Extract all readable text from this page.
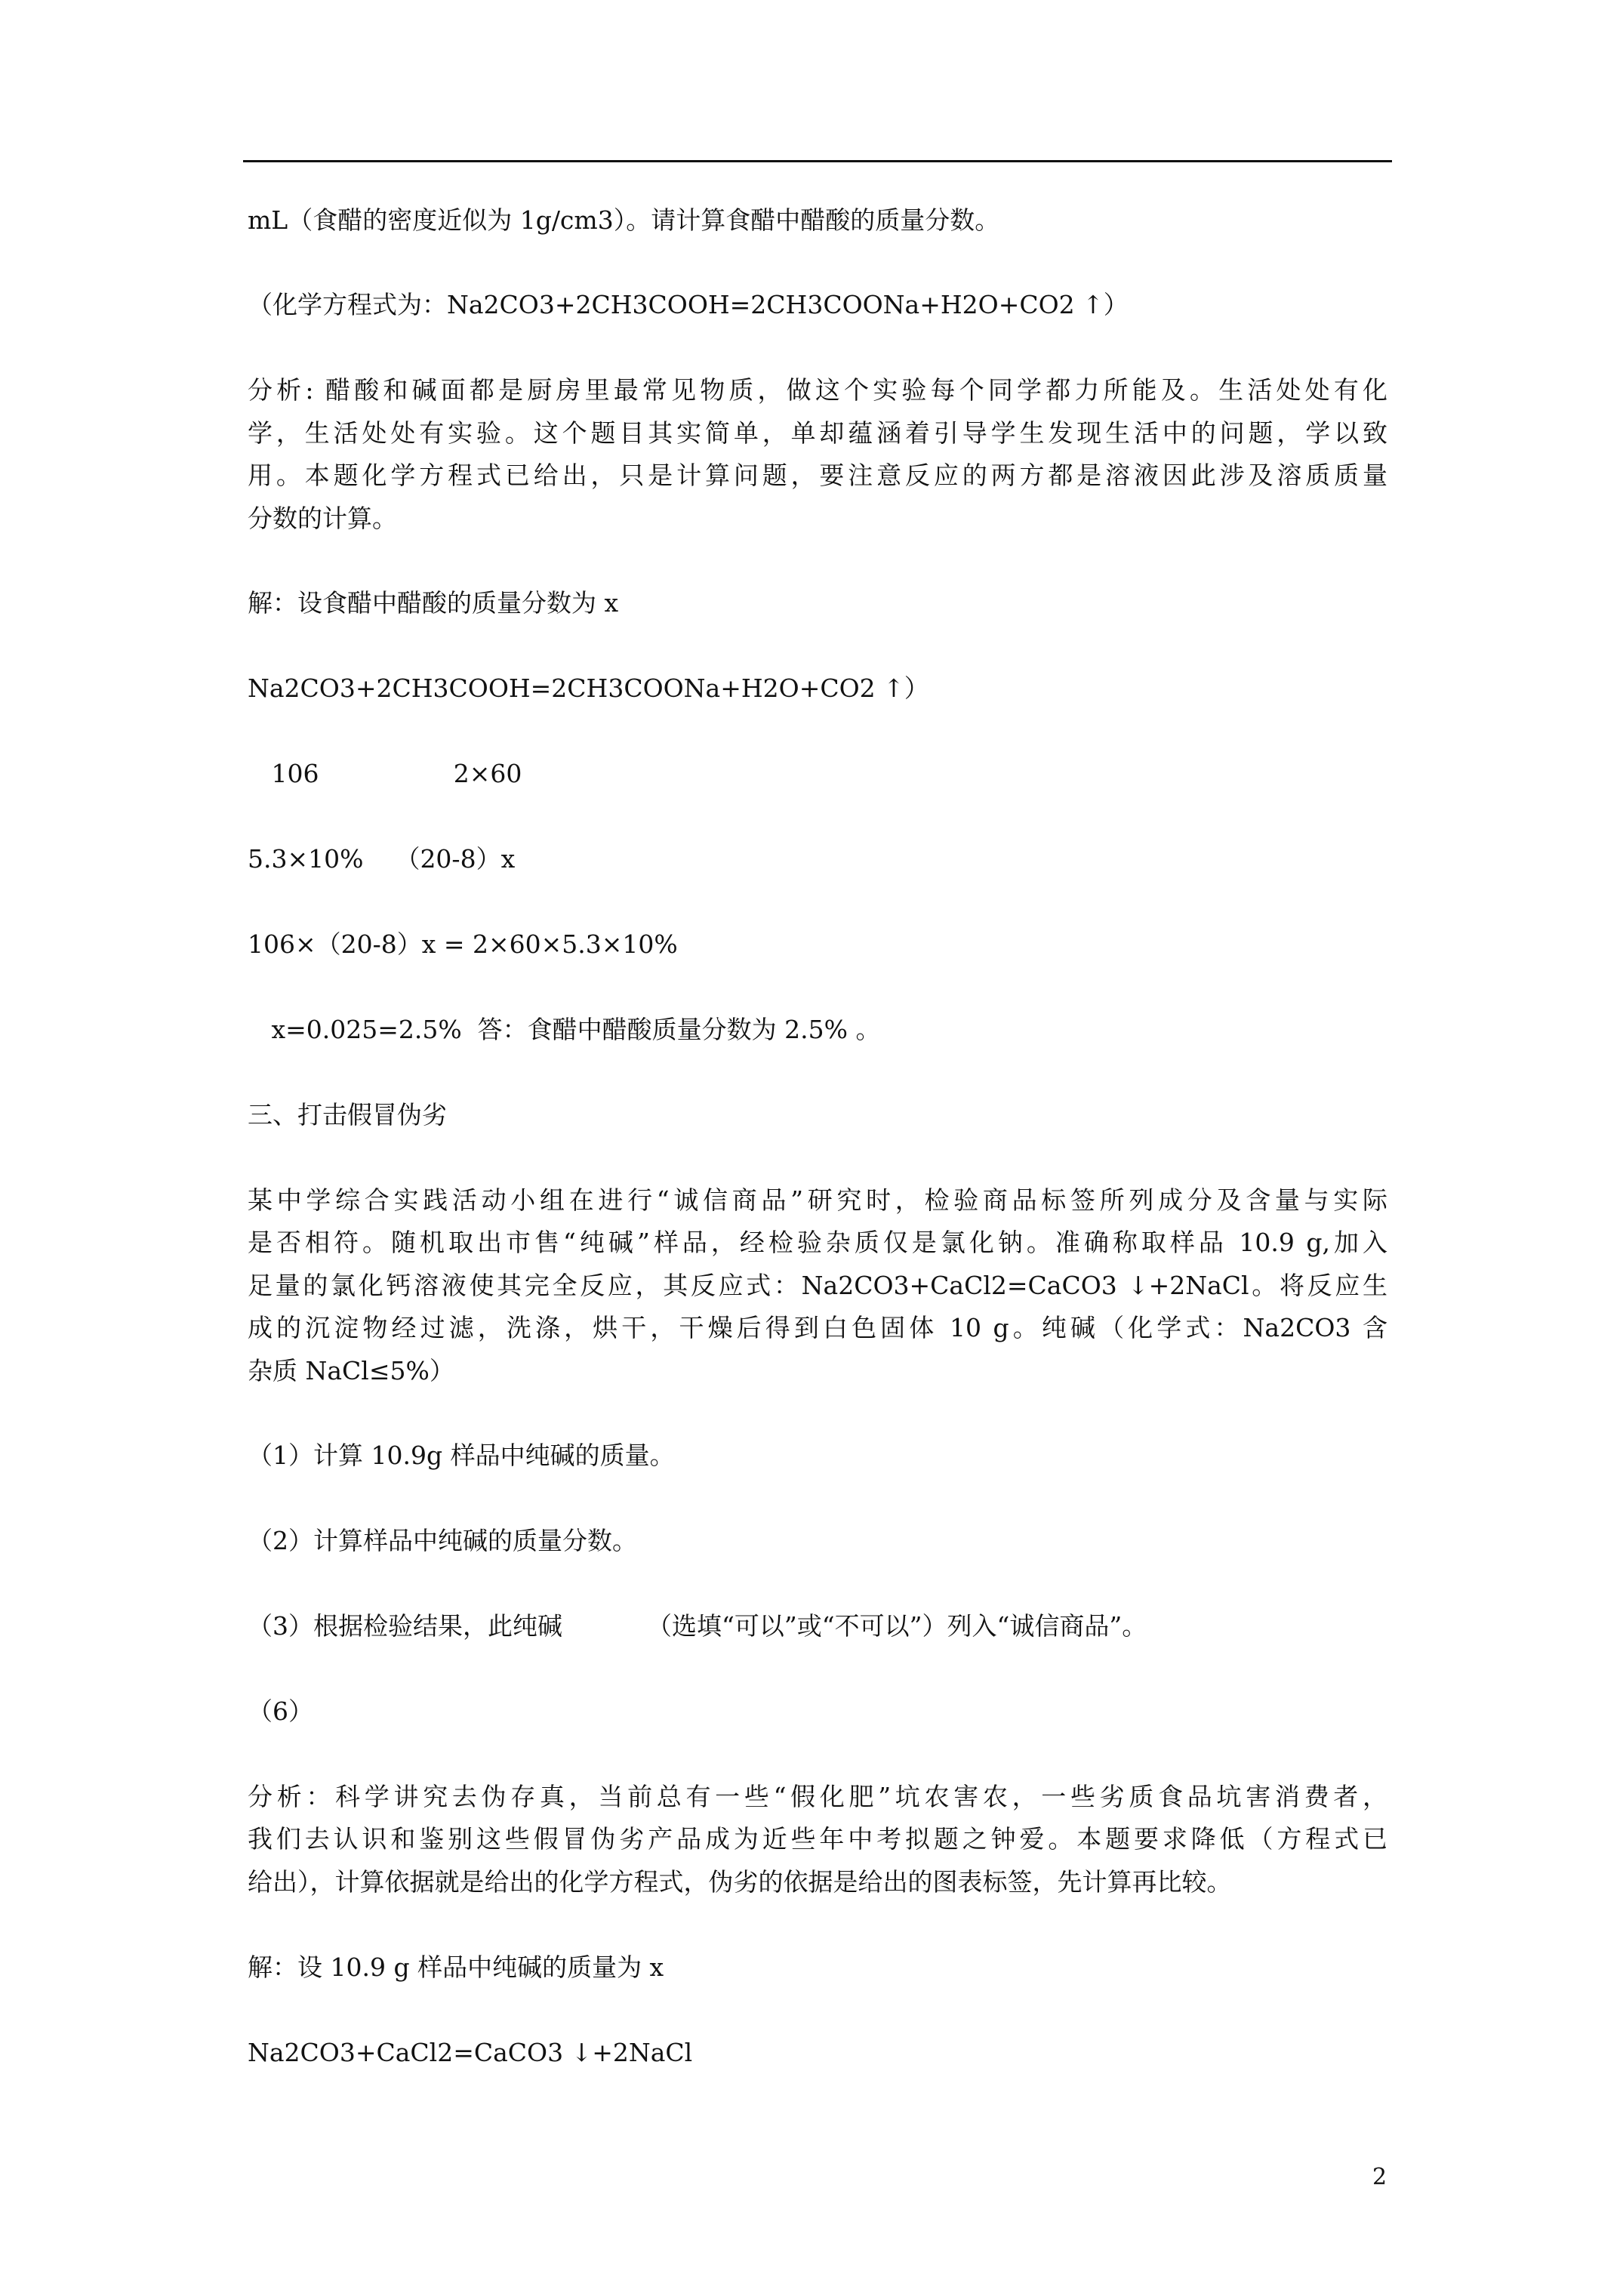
mL（食醋的密度近似为 1g/cm3）。请计算食醋中醋酸的质量分数。
（化学方程式为：Na2CO3+2CH3COOH=2CH3COONa+H2O+CO2 ↑）
分析: 醋酸和碱面都是厨房里最常见物质，做这个实验每个同学都力所能及。生活处处有化
学，生活处处有实验。这个题目其实简单，单却蕴涵着引导学生发现生活中的问题，学以致
用。本题化学方程式已给出，只是计算问题，要注意反应的两方都是溶液因此涉及溶质质量
分数的计算。
解：设食醋中醋酸的质量分数为 x
Na2CO3+2CH3COOH=2CH3COONa+H2O+CO2 ↑）
106                 2×60
5.3×10%    （20-8）x
106×（20-8）x = 2×60×5.3×10%
x=0.025=2.5%  答：食醋中醋酸质量分数为 2.5% 。
三、打击假冒伪劣
某中学综合实践活动小组在进行“诚信商品”研究时，检验商品标签所列成分及含量与实际
是否相符。随机取出市售“纯碱”样品，经检验杂质仅是氯化钠。准确称取样品 10.9 g,加入
足量的氯化钙溶液使其完全反应，其反应式：Na2CO3+CaCl2=CaCO3 ↓+2NaCl。将反应生
成的沉淀物经过滤，洗涤，烘干，干燥后得到白色固体 10 g。纯碱（化学式：Na2CO3 含
杂质 NaCl≤5%）
（1）计算 10.9g 样品中纯碱的质量。
（2）计算样品中纯碱的质量分数。
（3）根据检验结果，此纯碱	（选填“可以”或“不可以”）列入“诚信商品”。
（6）
分析：科学讲究去伪存真，当前总有一些“假化肥”坑农害农，一些劣质食品坑害消费者，
我们去认识和鉴别这些假冒伪劣产品成为近些年中考拟题之钟爱。本题要求降低（方程式已
给出），计算依据就是给出的化学方程式，伪劣的依据是给出的图表标签，先计算再比较。
解：设 10.9 g 样品中纯碱的质量为 x
Na2CO3+CaCl2=CaCO3 ↓+2NaCl
2
